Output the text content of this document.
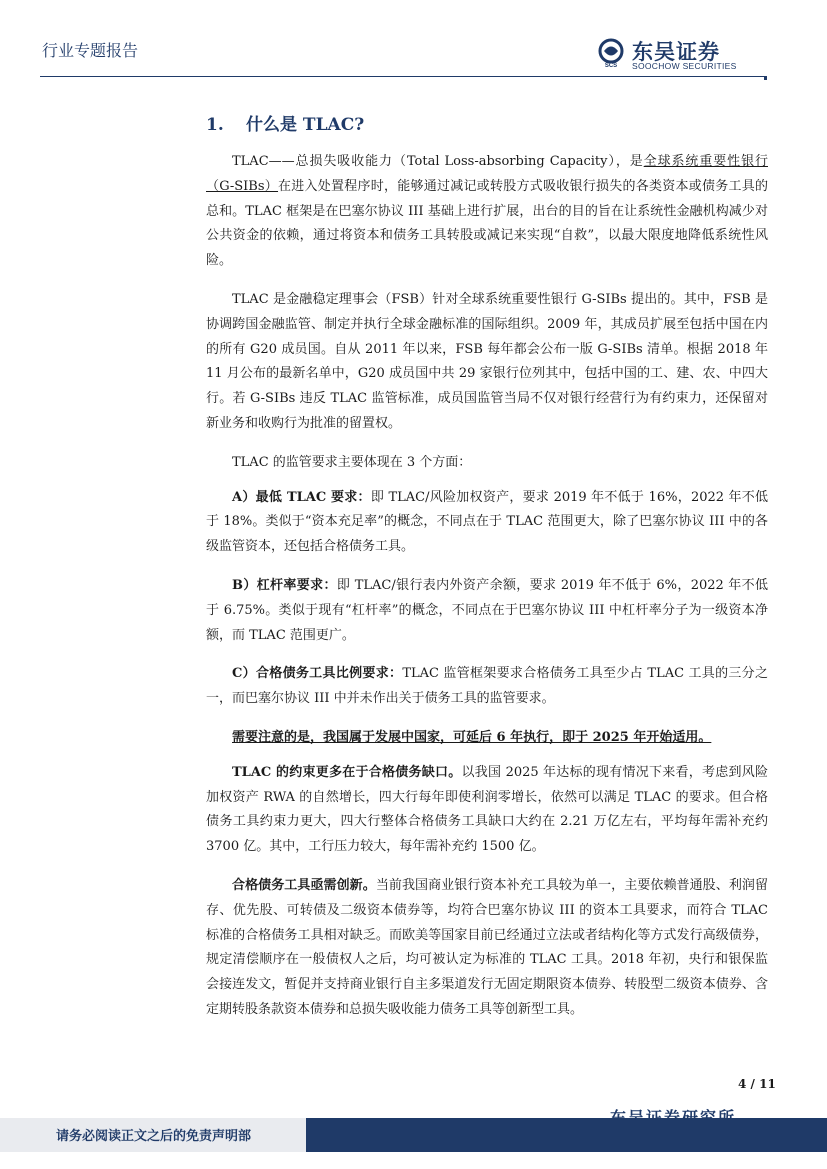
行业专题报告
SCS
东吴证券
SOOCHOW SECURITIES
1. 什么是 TLAC?

TLAC——总损失吸收能力（Total Loss-absorbing Capacity），是全球系统重要性银行（G-SIBs）在进入处置程序时，能够通过减记或转股方式吸收银行损失的各类资本或债务工具的总和。TLAC 框架是在巴塞尔协议 III 基础上进行扩展，出台的目的旨在让系统性金融机构减少对公共资金的依赖，通过将资本和债务工具转股或减记来实现“自救”，以最大限度地降低系统性风险。

TLAC 是金融稳定理事会（FSB）针对全球系统重要性银行 G-SIBs 提出的。其中，FSB 是协调跨国金融监管、制定并执行全球金融标准的国际组织。2009 年，其成员扩展至包括中国在内的所有 G20 成员国。自从 2011 年以来，FSB 每年都会公布一版 G-SIBs 清单。根据 2018 年 11 月公布的最新名单中，G20 成员国中共 29 家银行位列其中，包括中国的工、建、农、中四大行。若 G-SIBs 违反 TLAC 监管标准，成员国监管当局不仅对银行经营行为有约束力，还保留对新业务和收购行为批准的留置权。

TLAC 的监管要求主要体现在 3 个方面：

A）最低 TLAC 要求：即 TLAC/风险加权资产，要求 2019 年不低于 16%，2022 年不低于 18%。类似于“资本充足率”的概念，不同点在于 TLAC 范围更大，除了巴塞尔协议 III 中的各级监管资本，还包括合格债务工具。

B）杠杆率要求：即 TLAC/银行表内外资产余额，要求 2019 年不低于 6%，2022 年不低于 6.75%。类似于现有“杠杆率”的概念，不同点在于巴塞尔协议 III 中杠杆率分子为一级资本净额，而 TLAC 范围更广。

C）合格债务工具比例要求：TLAC 监管框架要求合格债务工具至少占 TLAC 工具的三分之一，而巴塞尔协议 III 中并未作出关于债务工具的监管要求。

需要注意的是，我国属于发展中国家，可延后 6 年执行，即于 2025 年开始适用。

TLAC 的约束更多在于合格债务缺口。以我国 2025 年达标的现有情况下来看，考虑到风险加权资产 RWA 的自然增长，四大行每年即使利润零增长，依然可以满足 TLAC 的要求。但合格债务工具约束力更大，四大行整体合格债务工具缺口大约在 2.21 万亿左右，平均每年需补充约 3700 亿。其中，工行压力较大，每年需补充约 1500 亿。

合格债务工具亟需创新。当前我国商业银行资本补充工具较为单一，主要依赖普通股、利润留存、优先股、可转债及二级资本债券等，均符合巴塞尔协议 III 的资本工具要求，而符合 TLAC 标准的合格债务工具相对缺乏。而欧美等国家目前已经通过立法或者结构化等方式发行高级债券，规定清偿顺序在一般债权人之后，均可被认定为标准的 TLAC 工具。2018 年初，央行和银保监会接连发文，暂促并支持商业银行自主多渠道发行无固定期限资本债券、转股型二级资本债券、含定期转股条款资本债券和总损失吸收能力债务工具等创新型工具。

4 / 11
请务必阅读正文之后的免责声明部
